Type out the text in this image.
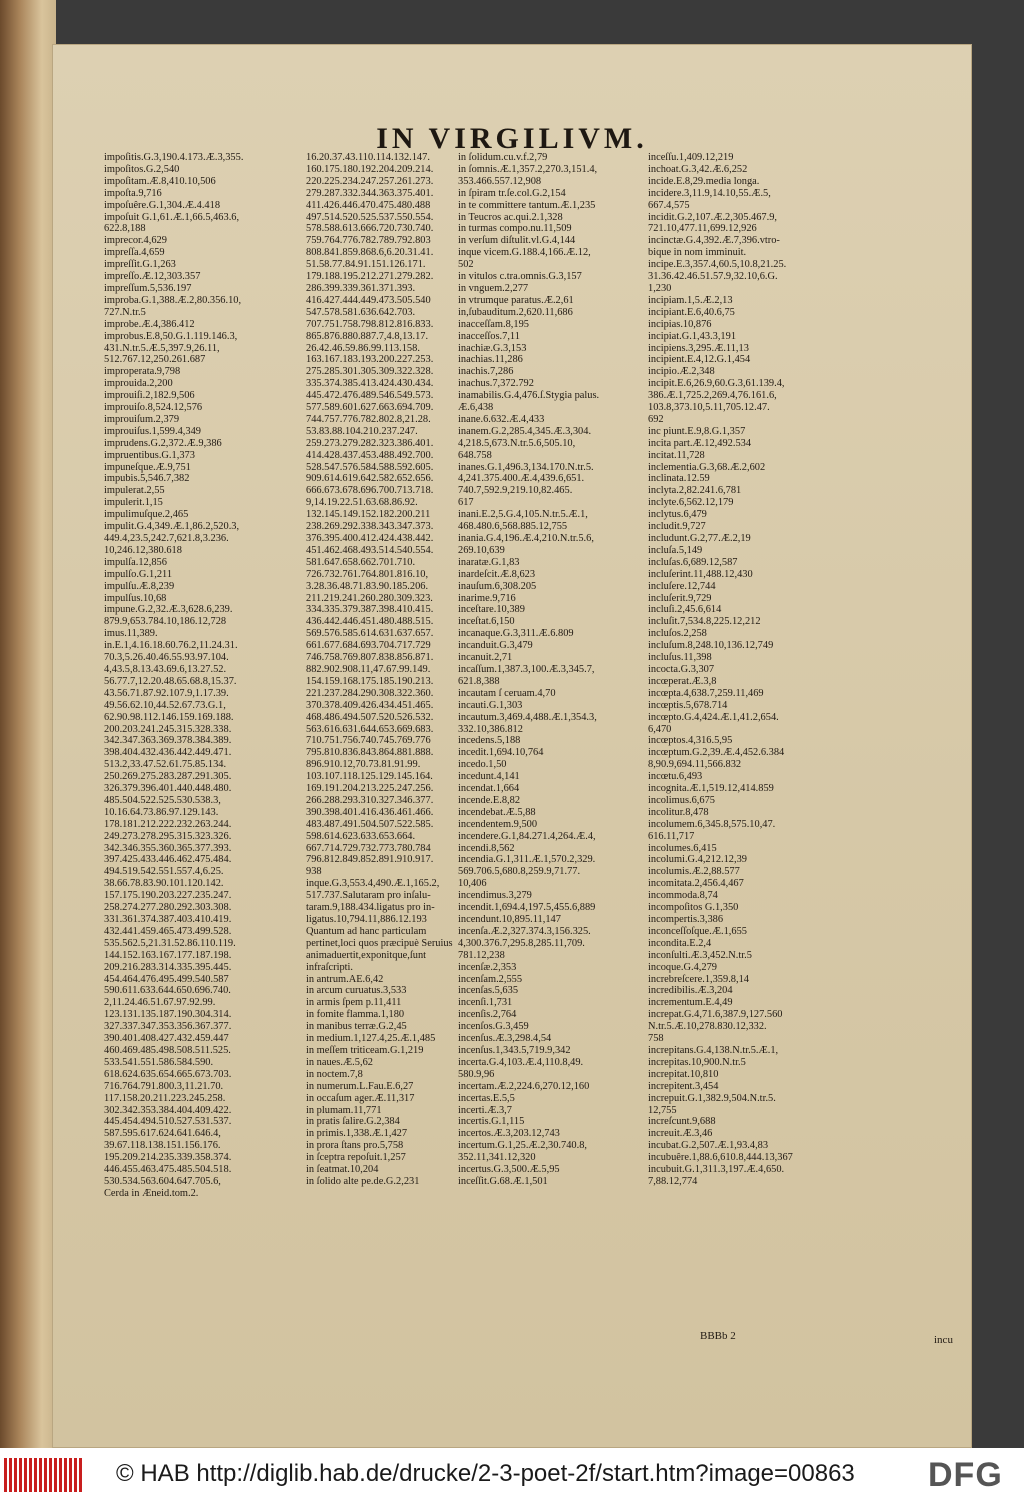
IN VIRGILIVM.
impoſitis.G.3,190.4.173.Æ.3,355.
impoſitos.G.2,540
impoſitam.Æ.8,410.10,506
impoſta.9,716
impoſuêre.G.1,304.Æ.4.418
impoſuit G.1,61.Æ.1,66.5,463.6,
622.8,188
imprecor.4,629
impreſſa.4,659
impreſſit.G.1,263
impreſſo.Æ.12,303.357
impreſſum.5,536.197
improba.G.1,388.Æ.2,80.356.10,
727.N.tr.5
improbe.Æ.4,386.412
improbus.E.8,50.G.1.119.146.3,
431.N.tr.5.Æ.5,397.9,26.11,
512.767.12,250.261.687
improperata.9,798
improuida.2,200
improuiſi.2,182.9,506
improuiſo.8,524.12,576
improuiſum.2,379
improuiſus.1,599.4,349
imprudens.G.2,372.Æ.9,386
impruentibus.G.1,373
impuneſque.Æ.9,751
impubis.5,546.7,382
impulerat.2,55
impulerit.1,15
impulimuſque.2,465
impulit.G.4,349.Æ.1,86.2,520.3,
449.4,23.5,242.7,621.8,3.236.
10,246.12,380.618
impulſa.12,856
impulſo.G.1,211
impulſu.Æ.8,239
impulſus.10,68
impune.G.2,32.Æ.3,628.6,239.
879.9,653.784.10,186.12,728
imus.11,389.
in.E.1,4.16.18.60.76.2,11.24.31.
70.3,5.26.40.46.55.93.97.104.
4,43.5,8.13.43.69.6,13.27.52.
56.77.7,12.20.48.65.68.8,15.37.
43.56.71.87.92.107.9,1.17.39.
49.56.62.10,44.52.67.73.G.1,
62.90.98.112.146.159.169.188.
200.203.241.245.315.328.338.
342.347.363.369.378.384.389.
398.404.432.436.442.449.471.
513.2,33.47.52.61.75.85.134.
250.269.275.283.287.291.305.
326.379.396.401.440.448.480.
485.504.522.525.530.538.3,
10.16.64.73.86.97.129.143.
178.181.212.222.232.263.244.
249.273.278.295.315.323.326.
342.346.355.360.365.377.393.
397.425.433.446.462.475.484.
494.519.542.551.557.4,6.25.
38.66.78.83.90.101.120.142.
157.175.190.203.227.235.247.
258.274.277.280.292.303.308.
331.361.374.387.403.410.419.
432.441.459.465.473.499.528.
535.562.5,21.31.52.86.110.119.
144.152.163.167.177.187.198.
209.216.283.314.335.395.445.
454.464.476.495.499.540.587
590.611.633.644.650.696.740.
2,11.24.46.51.67.97.92.99.
123.131.135.187.190.304.314.
327.337.347.353.356.367.377.
390.401.408.427.432.459.447
460.469.485.498.508.511.525.
533.541.551.586.584.590.
618.624.635.654.665.673.703.
716.764.791.800.3,11.21.70.
117.158.20.211.223.245.258.
302.342.353.384.404.409.422.
445.454.494.510.527.531.537.
587.595.617.624.641.646.4,
39.67.118.138.151.156.176.
195.209.214.235.339.358.374.
446.455.463.475.485.504.518.
530.534.563.604.647.705.6,
Cerda in Æneid.tom.2.
16.20.37.43.110.114.132.147.
160.175.180.192.204.209.214.
220.225.234.247.257.261.273.
279.287.332.344.363.375.401.
411.426.446.470.475.480.488
497.514.520.525.537.550.554.
578.588.613.666.720.730.740.
759.764.776.782.789.792.803
808.841.859.868.6,6.20.31.41.
51.58.77.84.91.151.126.171.
179.188.195.212.271.279.282.
286.399.339.361.371.393.
416.427.444.449.473.505.540
547.578.581.636.642.703.
707.751.758.798.812.816.833.
865.876.880.887.7,4.8,13.17.
26.42.46.59.86.99.113.158.
163.167.183.193.200.227.253.
275.285.301.305.309.322.328.
335.374.385.413.424.430.434.
445.472.476.489.546.549.573.
577.589.601.627.663.694.709.
744.757.776.782.802.8,21.28.
53.83.88.104.210.237.247.
259.273.279.282.323.386.401.
414.428.437.453.488.492.700.
528.547.576.584.588.592.605.
909.614.619.642.582.652.656.
666.673.678.696.700.713.718.
9,14.19.22.51.63.68.86.92.
132.145.149.152.182.200.211
238.269.292.338.343.347.373.
376.395.400.412.424.438.442.
451.462.468.493.514.540.554.
581.647.658.662.701.710.
726.732.761.764.801.816.10,
3.28.36.48.71.83.90.185.206.
211.219.241.260.280.309.323.
334.335.379.387.398.410.415.
436.442.446.451.480.488.515.
569.576.585.614.631.637.657.
661.677.684.693.704.717.729
746.758.769.807.838.856.871.
882.902.908.11,47.67.99.149.
154.159.168.175.185.190.213.
221.237.284.290.308.322.360.
370.378.409.426.434.451.465.
468.486.494.507.520.526.532.
563.616.631.644.653.669.683.
710.751.756.740.745.769.776
795.810.836.843.864.881.888.
896.910.12,70.73.81.91.99.
103.107.118.125.129.145.164.
169.191.204.213.225.247.256.
266.288.293.310.327.346.377.
390.398.401.416.436.461.466.
483.487.491.504.507.522.585.
598.614.623.633.653.664.
667.714.729.732.773.780.784
796.812.849.852.891.910.917.
938
inque.G.3,553.4,490.Æ.1,165.2,
517.737.Salutaram pro inſalu-
taram.9,188.434.ligatus pro in-
ligatus.10,794.11,886.12.193
Quantum ad hanc particulam
pertinet,loci quos præcipuè Seruius
animaduertit,exponitque,ſunt
infraſcripti.
in antrum.AE.6,42
in arcum curuatus.3,533
in armis ſpem p.11,411
in fomite flamma.1,180
in manibus terræ.G.2,45
in medium.1,127.4,25.Æ.1,485
in meſſem triticeam.G.1,219
in naues.Æ.5,62
in noctem.7,8
in numerum.L.Fau.E.6,27
in occaſum ager.Æ.11,317
in plumam.11,771
in pratis ſalire.G.2,384
in primis.1,338.Æ.1,427
in prora ſtans pro.5,758
in ſceptra repoſuit.1,257
in ſeatmat.10,204
in ſolido alte pe.de.G.2,231
in ſolidum.cu.v.f.2,79
in ſomnis.Æ.1,357.2,270.3,151.4,
353.466.557.12,908
in ſpiram tr.ſe.col.G.2,154
in te committere tantum.Æ.1,235
in Teucros ac.qui.2.1,328
in turmas compo.nu.11,509
in verſum diſtulit.vl.G.4,144
inque vicem.G.188.4,166.Æ.12,
502
in vitulos c.tra.omnis.G.3,157
in vnguem.2,277
in vtrumque paratus.Æ.2,61
in,ſubauditum.2,620.11,686
inacceſſam.8,195
inacceſſos.7,11
inachiæ.G.3,153
inachias.11,286
inachis.7,286
inachus.7,372.792
inamabilis.G.4,476.ſ.Stygia palus.
Æ.6,438
inane.6.632.Æ.4,433
inanem.G.2,285.4,345.Æ.3,304.
4,218.5,673.N.tr.5.6,505.10,
648.758
inanes.G.1,496.3,134.170.N.tr.5.
4,241.375.400.Æ.4,439.6,651.
740.7,592.9,219.10,82.465.
617
inani.E.2,5.G.4,105.N.tr.5.Æ.1,
468.480.6,568.885.12,755
inania.G.4,196.Æ.4,210.N.tr.5.6,
269.10,639
inaratæ.G.1,83
inardeſcit.Æ.8,623
inauſum.6,308.205
inarime.9,716
inceſtare.10,389
inceſtat.6,150
incanaque.G.3,311.Æ.6.809
incanduit.G.3,479
incanuit.2,71
incaſſum.1,387.3,100.Æ.3,345.7,
621.8,388
incautam ſ ceruam.4,70
incauti.G.1,303
incautum.3,469.4,488.Æ.1,354.3,
332.10,386.812
incedens.5,188
incedit.1,694.10,764
incedo.1,50
incedunt.4,141
incendat.1,664
incende.E.8,82
incendebat.Æ.5,88
incendentem.9,500
incendere.G.1,84.271.4,264.Æ.4,
incendi.8,562
incendia.G.1,311.Æ.1,570.2,329.
569.706.5,680.8,259.9,71.77.
10,406
incendimus.3,279
incendit.1,694.4,197.5,455.6,889
incendunt.10,895.11,147
incenſa.Æ.2,327.374.3,156.325.
4,300.376.7,295.8,285.11,709.
781.12,238
incenſæ.2,353
incenſam.2,555
incenſas.5,635
incenſi.1,731
incenſis.2,764
incenſos.G.3,459
incenſus.Æ.3,298.4,54
incenſus.1,343.5,719.9,342
incerta.G.4,103.Æ.4,110.8,49.
580.9,96
incertam.Æ.2,224.6,270.12,160
incertas.E.5,5
incerti.Æ.3,7
incertis.G.1,115
incertos.Æ.3,203.12,743
incertum.G.1,25.Æ.2,30.740.8,
352.11,341.12,320
incertus.G.3,500.Æ.5,95
inceſſit.G.68.Æ.1,501
inceſſu.1,409.12,219
inchoat.G.3,42.Æ.6,252
incide.E.8,29.media longa.
incidere.3,11.9,14.10,55.Æ.5,
667.4,575
incidit.G.2,107.Æ.2,305.467.9,
721.10,477.11,699.12,926
incinctæ.G.4,392.Æ.7,396.vtro-
bique in nom imminuit.
incipe.E.3,357.4,60.5,10.8,21.25.
31.36.42.46.51.57.9,32.10,6.G.
1,230
incipiam.1,5.Æ.2,13
incipiant.E.6,40.6,75
incipias.10,876
incipiat.G.1,43.3,191
incipiens.3,295.Æ.11,13
incipient.E.4,12.G.1,454
incipio.Æ.2,348
incipit.E.6,26.9,60.G.3,61.139.4,
386.Æ.1,725.2,269.4,76.161.6,
103.8,373.10,5.11,705.12.47.
692
inc piunt.E.9,8.G.1,357
incita part.Æ.12,492.534
incitat.11,728
inclementia.G.3,68.Æ.2,602
inclinata.12.59
inclyta.2,82.241.6,781
inclyte.6,562.12,179
inclytus.6,479
includit.9,727
includunt.G.2,77.Æ.2,19
incluſa.5,149
incluſas.6,689.12,587
incluſerint.11,488.12,430
incluſere.12,744
incluſerit.9,729
incluſi.2,45.6,614
incluſit.7,534.8,225.12,212
incluſos.2,258
incluſum.8,248.10,136.12,749
incluſus.11,398
incocta.G.3,307
incœperat.Æ.3,8
incœpta.4,638.7,259.11,469
incœptis.5,678.714
incœpto.G.4,424.Æ.1,41.2,654.
6,470
incœptos.4,316.5,95
incœptum.G.2,39.Æ.4,452.6.384
8,90.9,694.11,566.832
incœtu.6,493
incognita.Æ.1,519.12,414.859
incolimus.6,675
incolitur.8,478
incolumem.6,345.8,575.10,47.
616.11,717
incolumes.6,415
incolumi.G.4,212.12,39
incolumis.Æ.2,88.577
incomitata.2,456.4,467
incommoda.8,74
incompoſitos G.1,350
incompertis.3,386
inconceſſoſque.Æ.1,655
incondita.E.2,4
inconſulti.Æ.3,452.N.tr.5
incoque.G.4,279
increbreſcere.1,359.8,14
incredibilis.Æ.3,204
incrementum.E.4,49
increpat.G.4,71.6,387.9,127.560
N.tr.5.Æ.10,278.830.12,332.
758
increpitans.G.4,138.N.tr.5.Æ.1,
increpitas.10,900.N.tr.5
increpitat.10,810
increpitent.3,454
increpuit.G.1,382.9,504.N.tr.5.
12,755
increſcunt.9,688
increuit.Æ.3,46
incubat.G.2,507.Æ.1,93.4,83
incubuêre.1,88.6,610.8,444.13,367
incubuit.G.1,311.3,197.Æ.4,650.
7,88.12,774
BBBb 2	incu
© HAB http://diglib.hab.de/drucke/2-3-poet-2f/start.htm?image=00863 DFG
